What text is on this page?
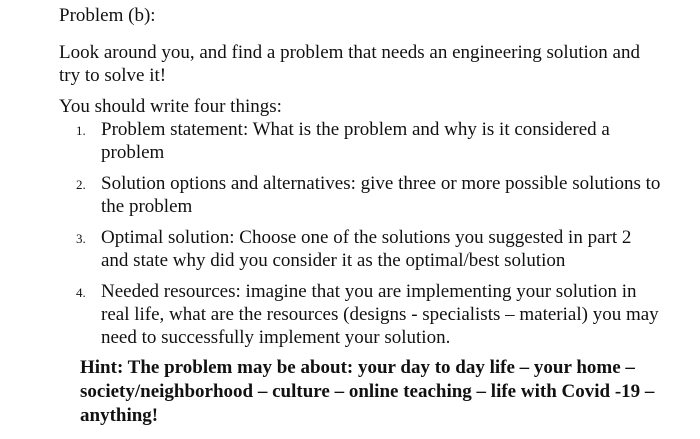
Problem (b):
Look around you, and find a problem that needs an engineering solution and try to solve it!
You should write four things:
1. Problem statement: What is the problem and why is it considered a problem
2. Solution options and alternatives: give three or more possible solutions to the problem
3. Optimal solution: Choose one of the solutions you suggested in part 2 and state why did you consider it as the optimal/best solution
4. Needed resources: imagine that you are implementing your solution in real life, what are the resources (designs - specialists – material) you may need to successfully implement your solution.
Hint: The problem may be about: your day to day life – your home – society/neighborhood – culture – online teaching – life with Covid -19 – anything!
